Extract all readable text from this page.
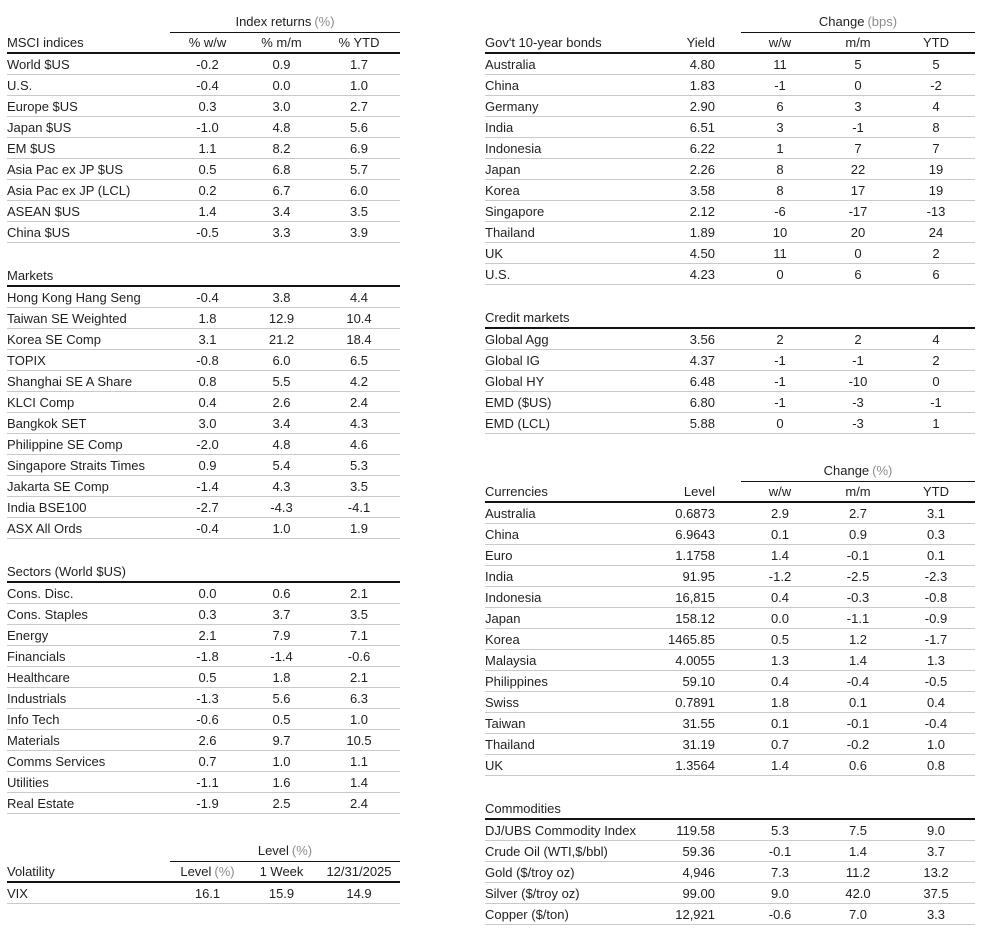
Index returns (%)
MSCI indices	% w/w	% m/m	% YTD
World $US	-0.2	0.9	1.7
U.S.	-0.4	0.0	1.0
Europe $US	0.3	3.0	2.7
Japan $US	-1.0	4.8	5.6
EM $US	1.1	8.2	6.9
Asia Pac ex JP $US	0.5	6.8	5.7
Asia Pac ex JP (LCL)	0.2	6.7	6.0
ASEAN $US	1.4	3.4	3.5
China $US	-0.5	3.3	3.9
Markets
Hong Kong Hang Seng	-0.4	3.8	4.4
Taiwan SE Weighted	1.8	12.9	10.4
Korea SE Comp	3.1	21.2	18.4
TOPIX	-0.8	6.0	6.5
Shanghai SE A Share	0.8	5.5	4.2
KLCI Comp	0.4	2.6	2.4
Bangkok SET	3.0	3.4	4.3
Philippine SE Comp	-2.0	4.8	4.6
Singapore Straits Times	0.9	5.4	5.3
Jakarta SE Comp	-1.4	4.3	3.5
India BSE100	-2.7	-4.3	-4.1
ASX All Ords	-0.4	1.0	1.9
Sectors (World $US)
Cons. Disc.	0.0	0.6	2.1
Cons. Staples	0.3	3.7	3.5
Energy	2.1	7.9	7.1
Financials	-1.8	-1.4	-0.6
Healthcare	0.5	1.8	2.1
Industrials	-1.3	5.6	6.3
Info Tech	-0.6	0.5	1.0
Materials	2.6	9.7	10.5
Comms Services	0.7	1.0	1.1
Utilities	-1.1	1.6	1.4
Real Estate	-1.9	2.5	2.4
Level (%)
Volatility	Level (%)	1 Week	12/31/2025
VIX	16.1	15.9	14.9
Change (bps)
Gov't 10-year bonds	Yield	w/w	m/m	YTD
Australia	4.80	11	5	5
China	1.83	-1	0	-2
Germany	2.90	6	3	4
India	6.51	3	-1	8
Indonesia	6.22	1	7	7
Japan	2.26	8	22	19
Korea	3.58	8	17	19
Singapore	2.12	-6	-17	-13
Thailand	1.89	10	20	24
UK	4.50	11	0	2
U.S.	4.23	0	6	6
Credit markets
Global Agg	3.56	2	2	4
Global IG	4.37	-1	-1	2
Global HY	6.48	-1	-10	0
EMD ($US)	6.80	-1	-3	-1
EMD (LCL)	5.88	0	-3	1
Change (%)
Currencies	Level	w/w	m/m	YTD
Australia	0.6873	2.9	2.7	3.1
China	6.9643	0.1	0.9	0.3
Euro	1.1758	1.4	-0.1	0.1
India	91.95	-1.2	-2.5	-2.3
Indonesia	16,815	0.4	-0.3	-0.8
Japan	158.12	0.0	-1.1	-0.9
Korea	1465.85	0.5	1.2	-1.7
Malaysia	4.0055	1.3	1.4	1.3
Philippines	59.10	0.4	-0.4	-0.5
Swiss	0.7891	1.8	0.1	0.4
Taiwan	31.55	0.1	-0.1	-0.4
Thailand	31.19	0.7	-0.2	1.0
UK	1.3564	1.4	0.6	0.8
Commodities
DJ/UBS Commodity Index	119.58	5.3	7.5	9.0
Crude Oil (WTI,$/bbl)	59.36	-0.1	1.4	3.7
Gold ($/troy oz)	4,946	7.3	11.2	13.2
Silver ($/troy oz)	99.00	9.0	42.0	37.5
Copper ($/ton)	12,921	-0.6	7.0	3.3
